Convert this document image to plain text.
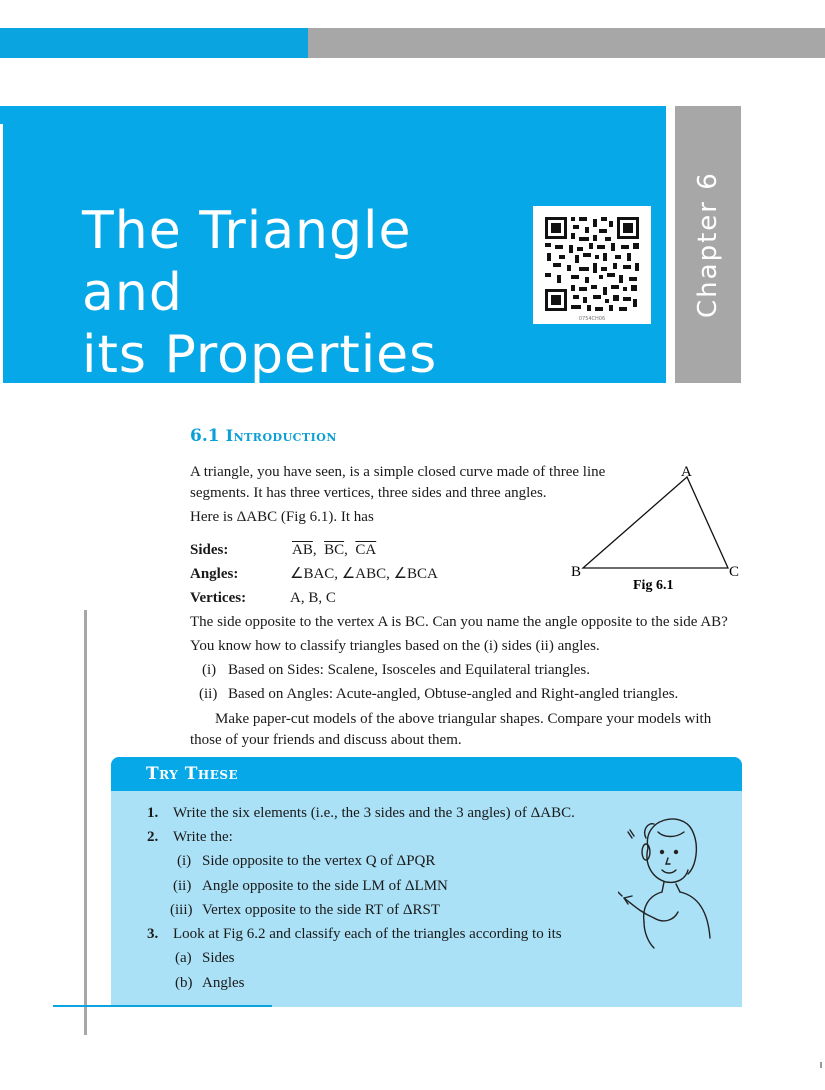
The Triangle and
its Properties
0754CH06
Chapter 6
6.1 Introduction
A triangle, you have seen, is a simple closed curve made of three line
segments. It has three vertices, three sides and three angles.
Here is ΔABC (Fig 6.1). It has
Sides:	$\overline{AB}$,  $\overline{BC}$,  $\overline{CA}$
Angles:	∠BAC, ∠ABC, ∠BCA
Vertices:	A, B, C
A
B	C
Fig 6.1
The side opposite to the vertex A is BC. Can you name the angle opposite to the side AB?
You know how to classify triangles based on the (i) sides (ii) angles.
(i) Based on Sides: Scalene, Isosceles and Equilateral triangles.
(ii) Based on Angles: Acute-angled, Obtuse-angled and Right-angled triangles.
Make paper-cut models of the above triangular shapes. Compare your models with
those of your friends and discuss about them.
Try These
1. Write the six elements (i.e., the 3 sides and the 3 angles) of ΔABC.
2. Write the:
(i) Side opposite to the vertex Q of ΔPQR
(ii) Angle opposite to the side LM of ΔLMN
(iii) Vertex opposite to the side RT of ΔRST
3. Look at Fig 6.2 and classify each of the triangles according to its
(a) Sides
(b) Angles
